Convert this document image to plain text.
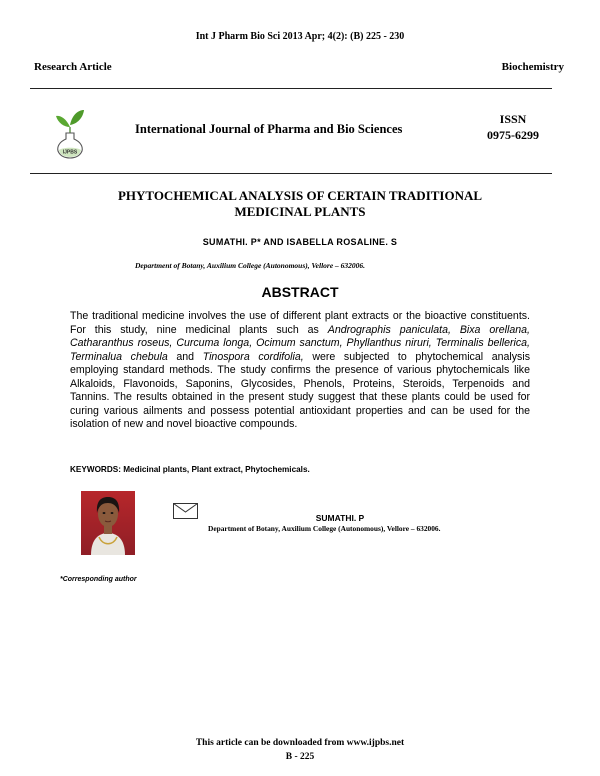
Int J Pharm Bio Sci 2013 Apr; 4(2): (B) 225 - 230
Research Article	Biochemistry
IJPBS
International Journal of Pharma and Bio Sciences
ISSN
0975-6299
PHYTOCHEMICAL ANALYSIS OF CERTAIN TRADITIONAL
MEDICINAL PLANTS
SUMATHI. P* AND ISABELLA ROSALINE. S
Department of Botany, Auxilium College (Autonomous), Vellore – 632006.
ABSTRACT
The traditional medicine involves the use of different plant extracts or the bioactive constituents. For this study, nine medicinal plants such as Andrographis paniculata, Bixa orellana, Catharanthus roseus, Curcuma longa, Ocimum sanctum, Phyllanthus niruri, Terminalis bellerica, Terminalua chebula and Tinospora cordifolia, were subjected to phytochemical analysis employing standard methods. The study confirms the presence of various phytochemicals like Alkaloids, Flavonoids, Saponins, Glycosides, Phenols, Proteins, Steroids, Terpenoids and Tannins. The results obtained in the present study suggest that these plants could be used for curing various ailments and possess potential antioxidant properties and can be used for the isolation of new and novel bioactive compounds.
KEYWORDS: Medicinal plants, Plant extract, Phytochemicals.
SUMATHI. P
Department of Botany, Auxilium College (Autonomous), Vellore – 632006.
*Corresponding author
This article can be downloaded from www.ijpbs.net
B - 225
